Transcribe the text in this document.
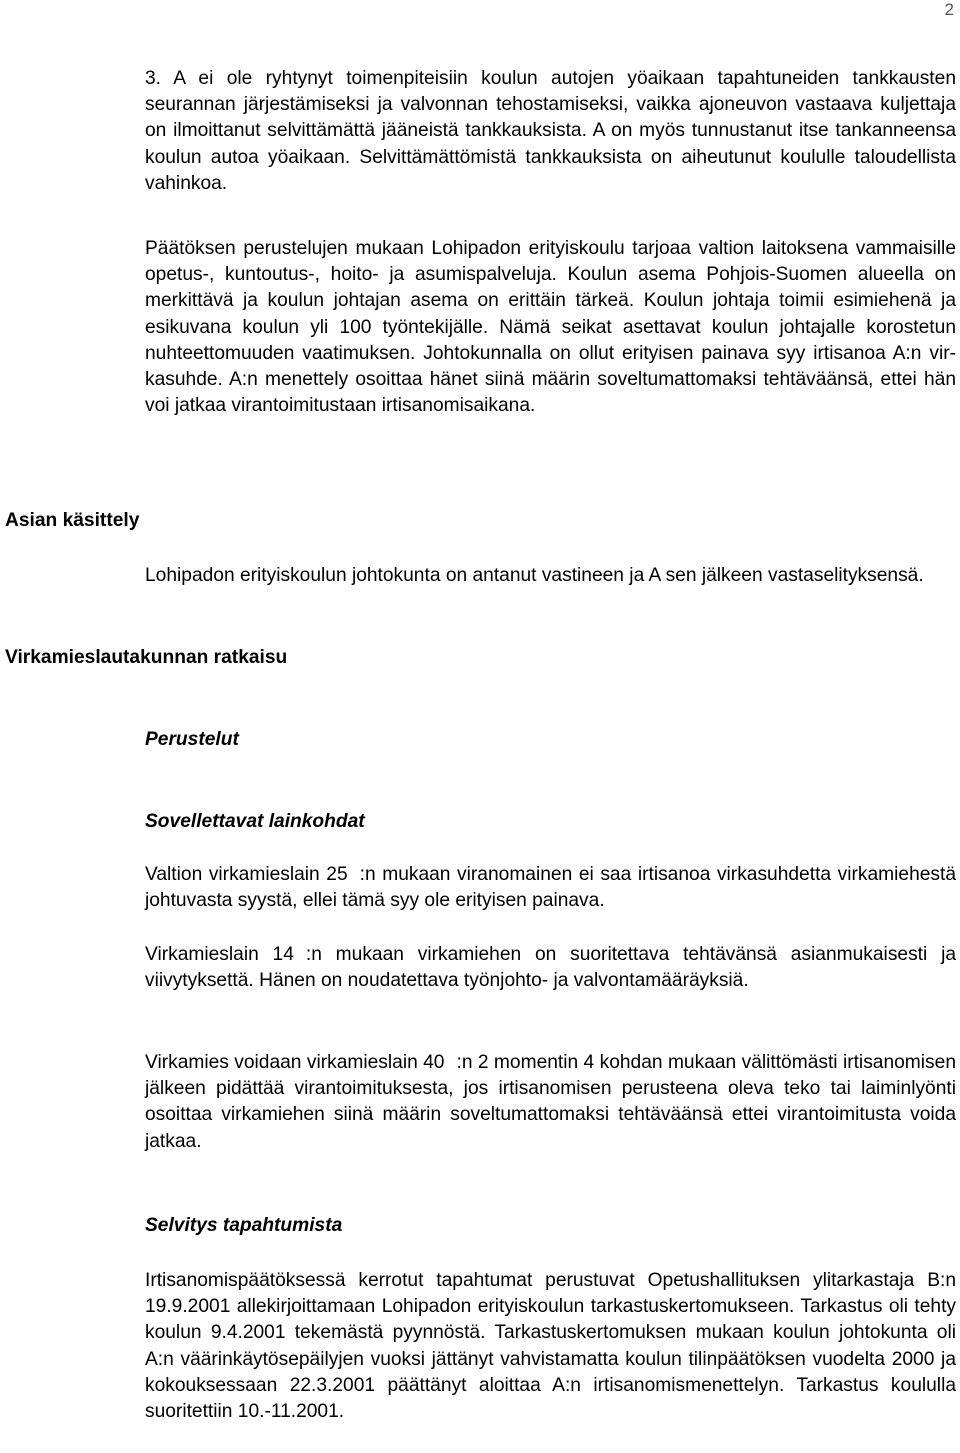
2

3. A ei ole ryhtynyt toimenpiteisiin koulun autojen yöaikaan tapahtuneiden tankkausten seurannan järjestämiseksi ja valvonnan tehostamiseksi, vaikka ajoneuvon vastaava kuljettaja on ilmoittanut selvittämättä jääneistä tankkauksista. A on myös tunnustanut itse tankanneensa koulun autoa yöaikaan. Selvittämättömistä tankkauksista on aiheutunut koululle taloudellista vahinkoa.

Päätöksen perustelujen mukaan Lohipadon erityiskoulu tarjoaa valtion laitoksena vammaisille opetus-, kuntoutus-, hoito- ja asumispalveluja. Koulun asema Pohjois-Suomen alueella on merkittävä ja koulun johtajan asema on erittäin tärkeä. Koulun johtaja toimii esimiehenä ja esikuvana koulun yli 100 työntekijälle. Nämä seikat asettavat koulun johtajalle korostetun nuhteettomuuden vaatimuksen. Johtokunnalla on ollut erityisen painava syy irtisanoa A:n virkasuhde. A:n menettely osoittaa hänet siinä määrin soveltumattomaksi tehtäväänsä, ettei hän voi jatkaa virantoimitustaan irtisanomisaikana.

Asian käsittely

Lohipadon erityiskoulun johtokunta on antanut vastineen ja A sen jälkeen vastaselityksensä.

Virkamieslautakunnan ratkaisu
Perustelut
Sovellettavat lainkohdat

Valtion virkamieslain 25 :n mukaan viranomainen ei saa irtisanoa virkasuhdetta virkamiehestä johtuvasta syystä, ellei tämä syy ole erityisen painava.

Virkamieslain 14 :n mukaan virkamiehen on suoritettava tehtävänsä asianmukaisesti ja viivytyksettä. Hänen on noudatettava työnjohto- ja valvontamääräyksiä.

Virkamies voidaan virkamieslain 40 :n 2 momentin 4 kohdan mukaan välittömästi irtisanomisen jälkeen pidättää virantoimituksesta, jos irtisanomisen perusteena oleva teko tai laiminlyönti osoittaa virkamiehen siinä määrin soveltumattomaksi tehtäväänsä ettei virantoimitusta voida jatkaa.

Selvitys tapahtumista

Irtisanomispäätöksessä kerrotut tapahtumat perustuvat Opetushallituksen ylitarkastaja B:n 19.9.2001 allekirjoittamaan Lohipadon erityiskoulun tarkastuskertomukseen. Tarkastus oli tehty koulun 9.4.2001 tekemästä pyynnöstä. Tarkastuskertomuksen mukaan koulun johtokunta oli A:n väärinkäytösepäilyjen vuoksi jättänyt vahvistamatta koulun tilinpäätöksen vuodelta 2000 ja kokouksessaan 22.3.2001 päättänyt aloittaa A:n irtisanomismenettelyn. Tarkastus koululla suoritettiin 10.-11.2001.
